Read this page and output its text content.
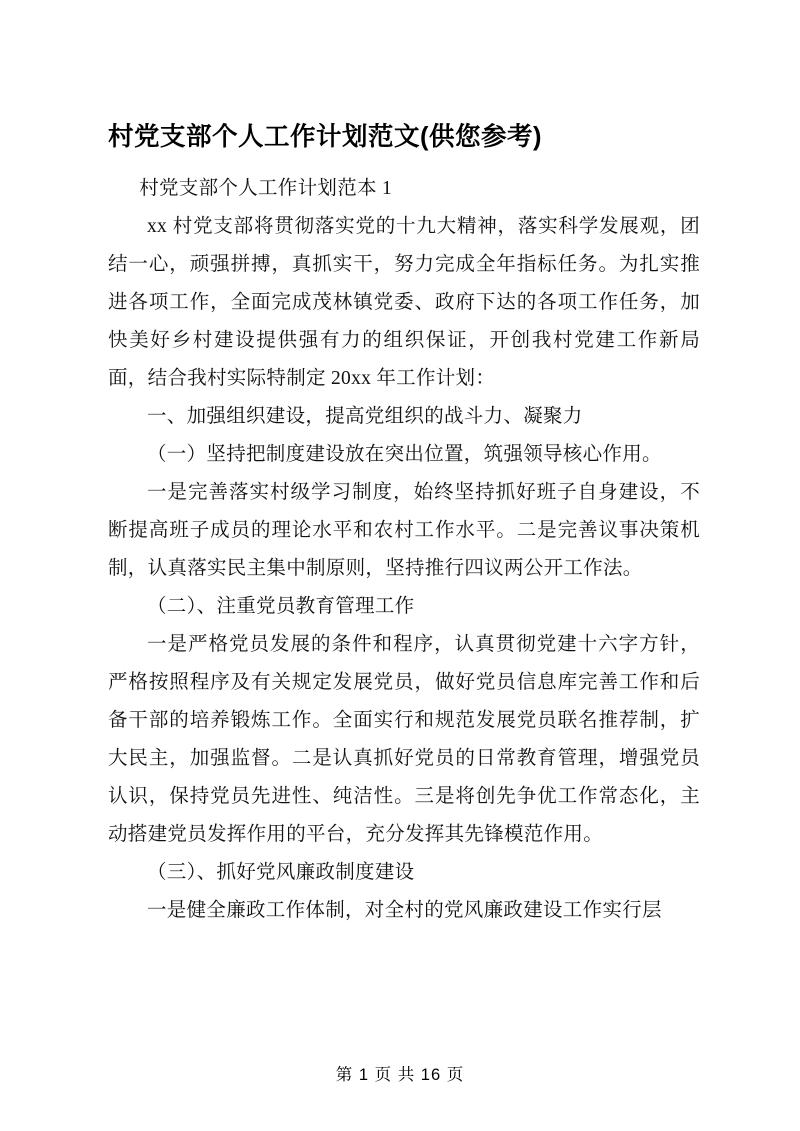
村党支部个人工作计划范文(供您参考)

村党支部个人工作计划范本 1

xx 村党支部将贯彻落实党的十九大精神，落实科学发展观，团结一心，顽强拼搏，真抓实干，努力完成全年指标任务。为扎实推进各项工作，全面完成茂林镇党委、政府下达的各项工作任务，加快美好乡村建设提供强有力的组织保证，开创我村党建工作新局面，结合我村实际特制定 20xx 年工作计划：

一、加强组织建设，提高党组织的战斗力、凝聚力

（一）坚持把制度建设放在突出位置，筑强领导核心作用。

一是完善落实村级学习制度，始终坚持抓好班子自身建设，不断提高班子成员的理论水平和农村工作水平。二是完善议事决策机制，认真落实民主集中制原则，坚持推行四议两公开工作法。

（二）、注重党员教育管理工作

一是严格党员发展的条件和程序，认真贯彻党建十六字方针，严格按照程序及有关规定发展党员，做好党员信息库完善工作和后备干部的培养锻炼工作。全面实行和规范发展党员联名推荐制，扩大民主，加强监督。二是认真抓好党员的日常教育管理，增强党员认识，保持党员先进性、纯洁性。三是将创先争优工作常态化，主动搭建党员发挥作用的平台，充分发挥其先锋模范作用。

（三）、抓好党风廉政制度建设

一是健全廉政工作体制，对全村的党风廉政建设工作实行层

第 1 页 共 16 页
